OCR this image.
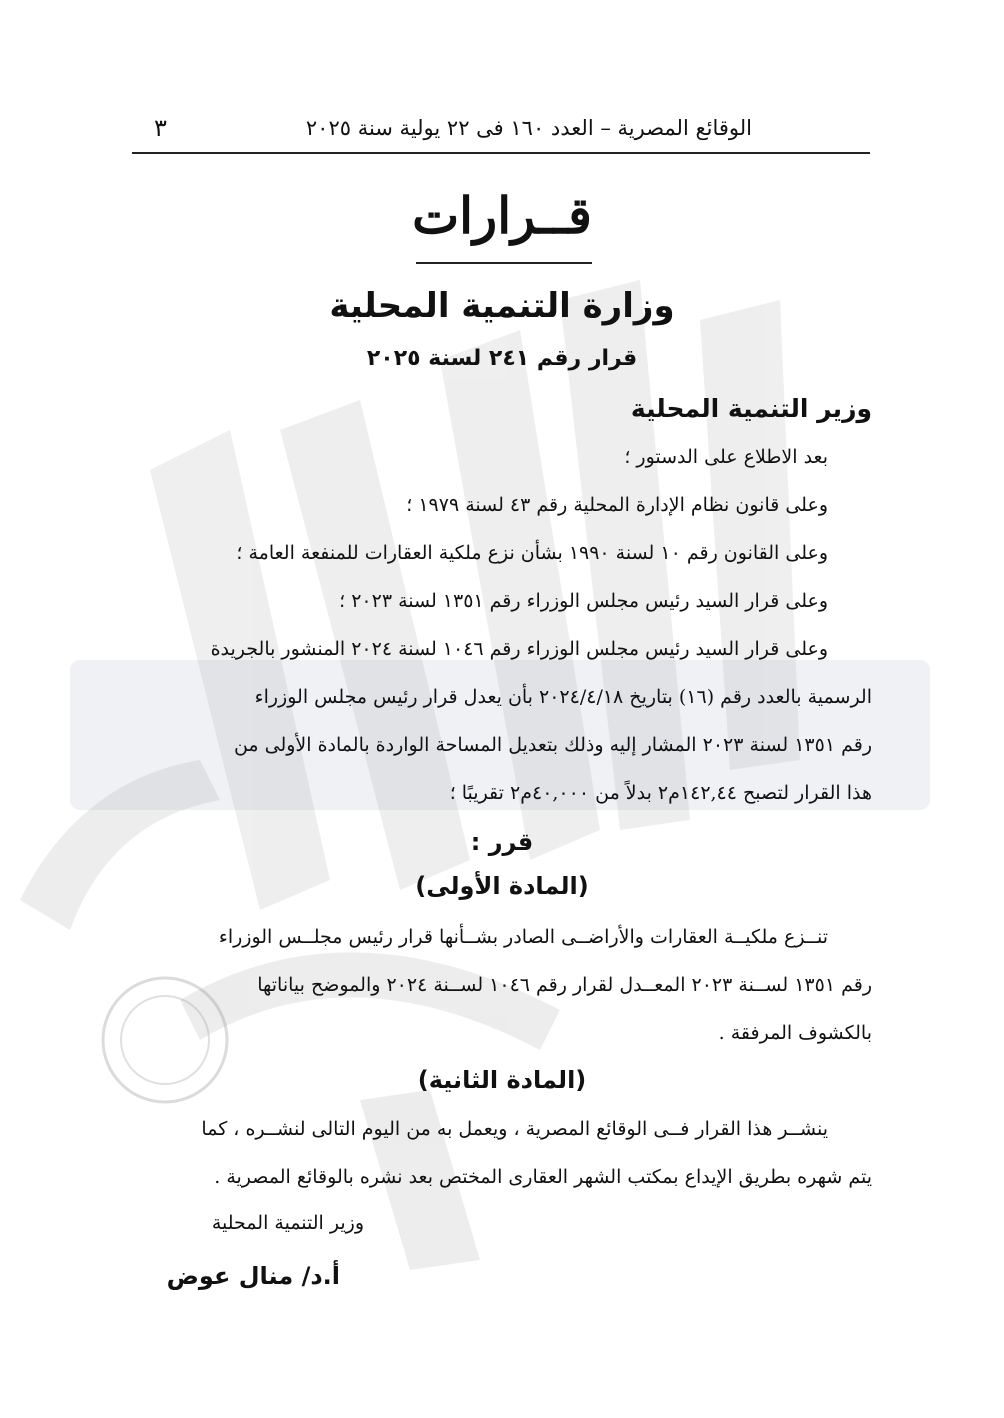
الوقائع المصرية – العدد ١٦٠ فى ٢٢ يولية سنة ٢٠٢٥
٣
قــرارات
وزارة التنمية المحلية
قرار رقم ٢٤١ لسنة ٢٠٢٥
وزير التنمية المحلية
بعد الاطلاع على الدستور ؛
وعلى قانون نظام الإدارة المحلية رقم ٤٣ لسنة ١٩٧٩ ؛
وعلى القانون رقم ١٠ لسنة ١٩٩٠ بشأن نزع ملكية العقارات للمنفعة العامة ؛
وعلى قرار السيد رئيس مجلس الوزراء رقم ١٣٥١ لسنة ٢٠٢٣ ؛
وعلى قرار السيد رئيس مجلس الوزراء رقم ١٠٤٦ لسنة ٢٠٢٤ المنشور بالجريدة
الرسمية بالعدد رقم (١٦) بتاريخ ٢٠٢٤/٤/١٨ بأن يعدل قرار رئيس مجلس الوزراء
رقم ١٣٥١ لسنة ٢٠٢٣ المشار إليه وذلك بتعديل المساحة الواردة بالمادة الأولى من
هذا القرار لتصبح ١٤٢,٤٤م٢ بدلاً من ٤٠,٠٠٠م٢ تقريبًا ؛
قرر :
(المادة الأولى)
تنــزع ملكيــة العقارات والأراضــى الصادر بشــأنها قرار رئيس مجلــس الوزراء
رقم ١٣٥١ لســنة ٢٠٢٣ المعــدل لقرار رقم ١٠٤٦ لســنة ٢٠٢٤ والموضح بياناتها
بالكشوف المرفقة .
(المادة الثانية)
ينشــر هذا القرار فــى الوقائع المصرية ، ويعمل به من اليوم التالى لنشــره ، كما
يتم شهره بطريق الإيداع بمكتب الشهر العقارى المختص بعد نشره بالوقائع المصرية .
وزير التنمية المحلية
أ.د/ منال عوض
